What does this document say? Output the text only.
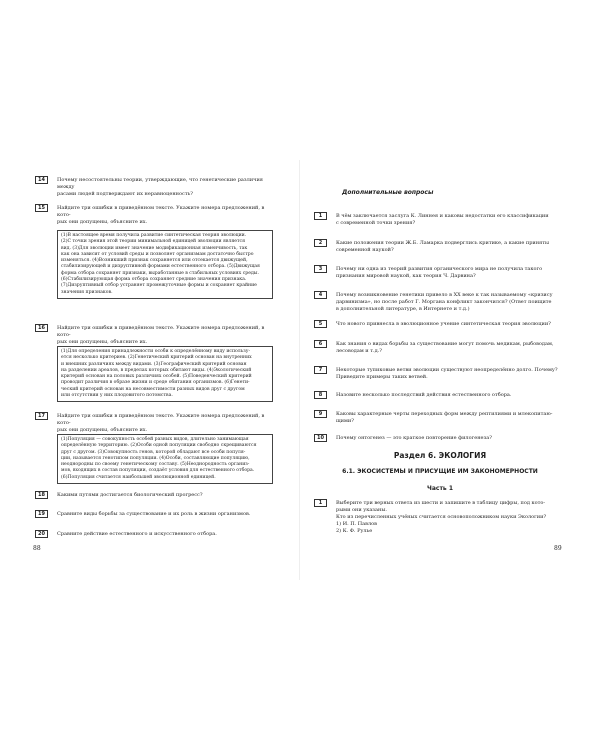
14	Почему несостоятельны теории, утверждающие, что генетические различия между
расами людей подтверждают их неравноценность?
15	Найдите три ошибки в приведённом тексте. Укажите номера предложений, в кото-
рых они допущены, объясните их.
(1)В настоящее время получила развитие синтетическая теория эволюции.
(2)С точки зрения этой теории минимальной единицей эволюции является
вид. (3)Для эволюции имеет значение модификационная изменчивость, так
как она зависит от условий среды и позволяет организмам достаточно быстро
изменяться. (4)Возникший признак сохраняется или отсекается движущей,
стабилизирующей и дизруптивной формами естественного отбора. (5)Движущая
форма отбора сохраняет признаки, выработанные в стабильных условиях среды.
(6)Стабилизирующая форма отбора сохраняет средние значения признака.
(7)Дизруптивный отбор устраняет промежуточные формы и сохраняет крайние
значения признаков.
16	Найдите три ошибки в приведённом тексте. Укажите номера предложений, в кото-
рых они допущены, объясните их.
(1)Для определения принадлежности особи к определённому виду использу-
ется несколько критериев. (2)Генетический критерий основан на внутренних
и внешних различиях между видами. (3)Географический критерий основан
на разделении ареалов, в пределах которых обитают виды. (4)Экологический
критерий основан на половых различиях особей. (5)Поведенческий критерий
проводит различия в образе жизни и среде обитания организмов. (6)Генети-
ческий критерий основан на несовместимости разных видов друг с другом
или отсутствии у них плодовитого потомства.
17	Найдите три ошибки в приведённом тексте. Укажите номера предложений, в кото-
рых они допущены, объясните их.
(1)Популяция — совокупность особей разных видов, длительно занимающая
определённую территорию. (2)Особи одной популяции свободно скрещиваются
друг с другом. (3)Совокупность генов, которой обладают все особи популя-
ции, называется генотипом популяции. (4)Особи, составляющие популяцию,
неоднородны по своему генетическому составу. (5)Неоднородность организ-
мов, входящих в состав популяции, создаёт условия для естественного отбора.
(6)Популяция считается наибольшей эволюционной единицей.
18	Какими путями достигается биологический прогресс?
19	Сравните виды борьбы за существование и их роль в жизни организмов.
20	Сравните действие естественного и искусственного отбора.
88
Дополнительные вопросы
1	В чём заключается заслуга К. Линнея и каковы недостатки его классификации
с современной точки зрения?
2	Какие положения теории Ж.Б. Ламарка подверглись критике, а какие приняты
современной наукой?
3	Почему ни одна из теорий развития органического мира не получила такого
признания мировой наукой, как теория Ч. Дарвина?
4	Почему возникновение генетики привело в XX веке к так называемому «кризису
дарвинизма», но после работ Г. Моргана конфликт закончился? (Ответ поищите
в дополнительной литературе, в Интернете и т.д.)
5	Что нового привнесла в эволюционное учение синтетическая теория эволюции?
6	Как знания о видах борьбы за существование могут помочь медикам, рыбоводам,
лесоводам и т.д.?
7	Некоторые тупиковые ветви эволюции существуют неопределённо долго. Почему?
Приведите примеры таких ветвей.
8	Назовите несколько последствий действия естественного отбора.
9	Каковы характерные черты переходных форм между рептилиями и млекопитаю-
щими?
10	Почему онтогенез — это краткое повторение филогенеза?
Раздел 6. ЭКОЛОГИЯ
6.1. ЭКОСИСТЕМЫ И ПРИСУЩИЕ ИМ ЗАКОНОМЕРНОСТИ
Часть 1
1	Выберите три верных ответа из шести и запишите в таблицу цифры, под кото-
рыми они указаны.
Кто из перечисленных учёных считается основоположником науки Экологии?
1) И. П. Павлов
2) К. Ф. Рулье
89
